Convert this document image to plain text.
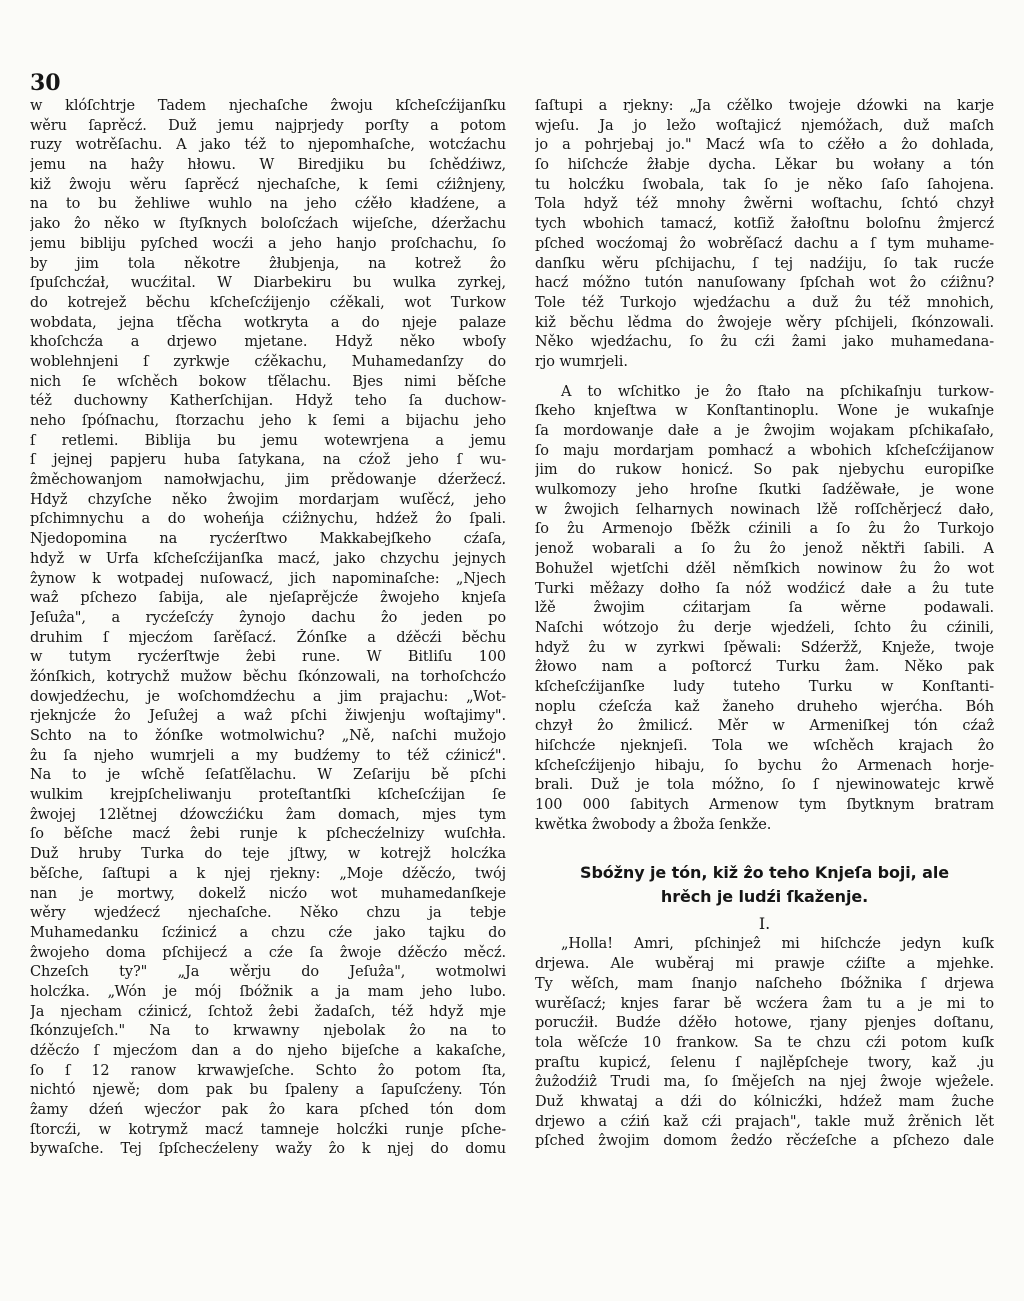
30
w klóſchtrje Tadem njechaſche ẑwoju kſcheſcźijanſku
wěru ſaprěcź. Duž jemu najprjedy porſty a potom
ruzy wotrěſachu. A jako též to njepomhaſche, wotcźachu
jemu na haẑy hłowu. W Biredjiku bu ſchědźiwz,
kiž ẑwoju wěru ſaprěcź njechaſche, k ſemi cźiẑnjeny,
na to bu žehliwe wuhlo na jeho cźěło kładźene, a
jako ẑo něko w ſtyſknych boloſcźach wijeſche, dźeržachu
jemu bibliju pyſched wocźi a jeho hanjo proſchachu, ſo
by jim tola někotre ẑłubjenja, na kotrež ẑo
ſpuſchcźał, wucźital. W Diarbekiru bu wulka zyrkej,
do kotrejež běchu kſcheſcźijenjo cźěkali, wot Turkow
wobdata, jejna tſěcha wotkryta a do njeje palaze
khoſchcźa a drjewo mjetane. Hdyž něko wboſy
woblehnjeni ſ zyrkwje cźěkachu, Muhamedanſzy do
nich ſe wſchěch bokow tſělachu. Bjes nimi běſche
též duchowny Katherſchijan. Hdyž teho ſa duchow-
neho ſpóſnachu, ſtorzachu jeho k ſemi a bijachu jeho
ſ retlemi. Biblija bu jemu wotewrjena a jemu
ſ jejnej papjeru huba ſatykana, na cźož jeho ſ wu-
ẑměchowanjom namołwjachu, jim prědowanje dźeržecź.
Hdyž chzyſche něko ẑwojim mordarjam wuſěcź, jeho
pſchimnychu a do woheńja cźiẑnychu, hdźež ẑo ſpali.
Njedopomina na rycźerſtwo Makkabejſkeho cźaſa,
hdyž w Urfa kſcheſcźijanſka macź, jako chzychu jejnych
ẑynow k wotpadej nuſowacź, jich napominaſche: „Njech
waẑ pſchezo ſabija, ale njeſaprějcźe ẑwojeho knjeſa
Jeſuẑa", a rycźeſcźy ẑynojo dachu ẑo jeden po
druhim ſ mjecźom ſarěſacź. Žónſke a dźěcźi běchu
w tutym rycźerſtwje ẑebi rune. W Bitliſu 100
žónſkich, kotrychž mužow běchu ſkónzowali, na torhoſchcźo
dowjedźechu, je woſchomdźechu a jim prajachu: „Wot-
rjeknjcźe ẑo Jeſuẑej a waẑ pſchi žiwjenju woſtajimy".
Schto na to žónſke wotmolwichu? „Ně, naſchi mužojo
ẑu ſa njeho wumrjeli a my budźemy to též cźinicź".
Na to je wſchě ſeſatſělachu. W Zeſariju bě pſchi
wulkim krejpſcheliwanju proteſtantſki kſcheſcźijan ſe
ẑwojej 12lětnej dźowcźićku ẑam domach, mjes tym
ſo běſche macź ẑebi runje k pſchecźelnizy wuſchła.
Duž hruby Turka do teje jſtwy, w kotrejž holcźka
běſche, ſaſtupi a k njej rjekny: „Moje dźěcźo, twój
nan je mortwy, dokelž nicźo wot muhamedanſkeje
wěry wjedźecź njechaſche. Něko chzu ja tebje
Muhamedanku ſcźinicź a chzu cźe jako tajku do
ẑwojeho doma pſchijecź a cźe ſa ẑwoje dźěcźo měcź.
Chzeſch ty?" „Ja wěrju do Jeſuẑa", wotmolwi
holcźka. „Wón je mój ſbóžnik a ja mam jeho lubo.
Ja njecham cźinicź, ſchtož ẑebi žadaſch, též hdyž mje
ſkónzujeſch." Na to krwawny njebolak ẑo na to
dźěcźo ſ mjecźom dan a do njeho bijeſche a kakaſche,
ſo ſ 12 ranow krwawjeſche. Schto ẑo potom ſta,
nichtó njewě; dom pak bu ſpaleny a ſapuſcźeny. Tón
ẑamy dźeń wjecźor pak ẑo kara pſched tón dom
ſtorcźi, w kotrymž macź tamneje holcźki runje pſche-
bywaſche. Tej ſpſchecźeleny wažy ẑo k njej do domu
ſaſtupi a rjekny: „Ja cźělko twojeje dźowki na karje
wjeſu. Ja jo ležo woſtajicź njemóžach, duž maſch
jo a pohrjebaj jo." Macź wſa to cźěło a ẑo dohlada,
ſo hiſchcźe ẑłabje dycha. Lěkar bu wołany a tón
tu holcźku ſwobala, tak ſo je něko ſaſo ſahojena.
Tola hdyž též mnohy ẑwěrni woſtachu, ſchtó chzył
tych wbohich tamacź, kotſiž žałoſtnu boloſnu ẑmjercź
pſched wocźomaj ẑo wobrěſacź dachu a ſ tym muhame-
danſku wěru pſchijachu, ſ tej nadźiju, ſo tak rucźe
hacź móžno tutón nanuſowany ſpſchah wot ẑo cźiẑnu?
Tole též Turkojo wjedźachu a duž ẑu též mnohich,
kiž běchu lědma do ẑwojeje wěry pſchijeli, ſkónzowali.
Něko wjedźachu, ſo ẑu cźi ẑami jako muhamedana-
rjo wumrjeli.
A to wſchitko je ẑo ſtało na pſchikaſnju turkow-
ſkeho knjeſtwa w Konſtantinoplu. Wone je wukaſnje
ſa mordowanje dałe a je ẑwojim wojakam pſchikaſało,
ſo maju mordarjam pomhacź a wbohich kſcheſcźijanow
jim do rukow honicź. So pak njebychu europiſke
wulkomozy jeho hroſne ſkutki ſadźěwałe, je wone
w ẑwojich ſelharnych nowinach lžě roſſchěrjecź dało,
ſo ẑu Armenojo ſběžk cźinili a ſo ẑu ẑo Turkojo
jenož wobarali a ſo ẑu ẑo jenož něktři ſabili. A
Bohužel wjetſchi dźěl němſkich nowinow ẑu ẑo wot
Turki měẑazy dołho ſa nóž wodźicź dałe a ẑu tute
lžě ẑwojim cźitarjam ſa wěrne podawali.
Naſchi wótzojo ẑu derje wjedźeli, ſchto ẑu cźinili,
hdyž ẑu w zyrkwi ſpěwali: Sdźeržž, Knježe, twoje
ẑłowo nam a poſtorcź Turku ẑam. Něko pak
kſcheſcźijanſke ludy tuteho Turku w Konſtanti-
noplu cźeſcźa kaž žaneho druheho wjerćha. Bóh
chzył ẑo ẑmilicź. Měr w Armeniſkej tón cźaẑ
hiſchcźe njeknjeſi. Tola we wſchěch krajach ẑo
kſcheſcźijenjo hibaju, ſo bychu ẑo Armenach horje-
brali. Duž je tola móžno, ſo ſ njewinowatejc krwě
100 000 ſabitych Armenow tym ſbytknym bratram
kwětka ẑwobody a ẑboža ſenkže.
Sbóžny je tón, kiž ẑo teho Knjeſa boji, ale
hrěch je ludźi ſkaženje.
I.
„Holla! Amri, pſchinjeẑ mi hiſchcźe jedyn kuſk
drjewa. Ale wuběraj mi prawje cźiſte a mjehke.
Ty wěſch, mam ſnanjo naſcheho ſbóžnika ſ drjewa
wurěſacź; knjes farar bě wcźera ẑam tu a je mi to
porucźił. Budźe dźěło hotowe, rjany pjenjes doſtanu,
tola wěſcźe 10 frankow. Sa te chzu cźi potom kuſk
praſtu kupicź, ſelenu ſ najlěpſcheje twory, kaž .ju
ẑuẑodźiẑ Trudi ma, ſo ſmějeſch na njej ẑwoje wjeẑele.
Duž khwataj a dźi do kólnicźki, hdźež mam ẑuche
drjewo a cźiń kaž cźi prajach", takle muž ẑrěnich lět
pſched ẑwojim domom ẑedźo rěcźeſche a pſchezo dale
